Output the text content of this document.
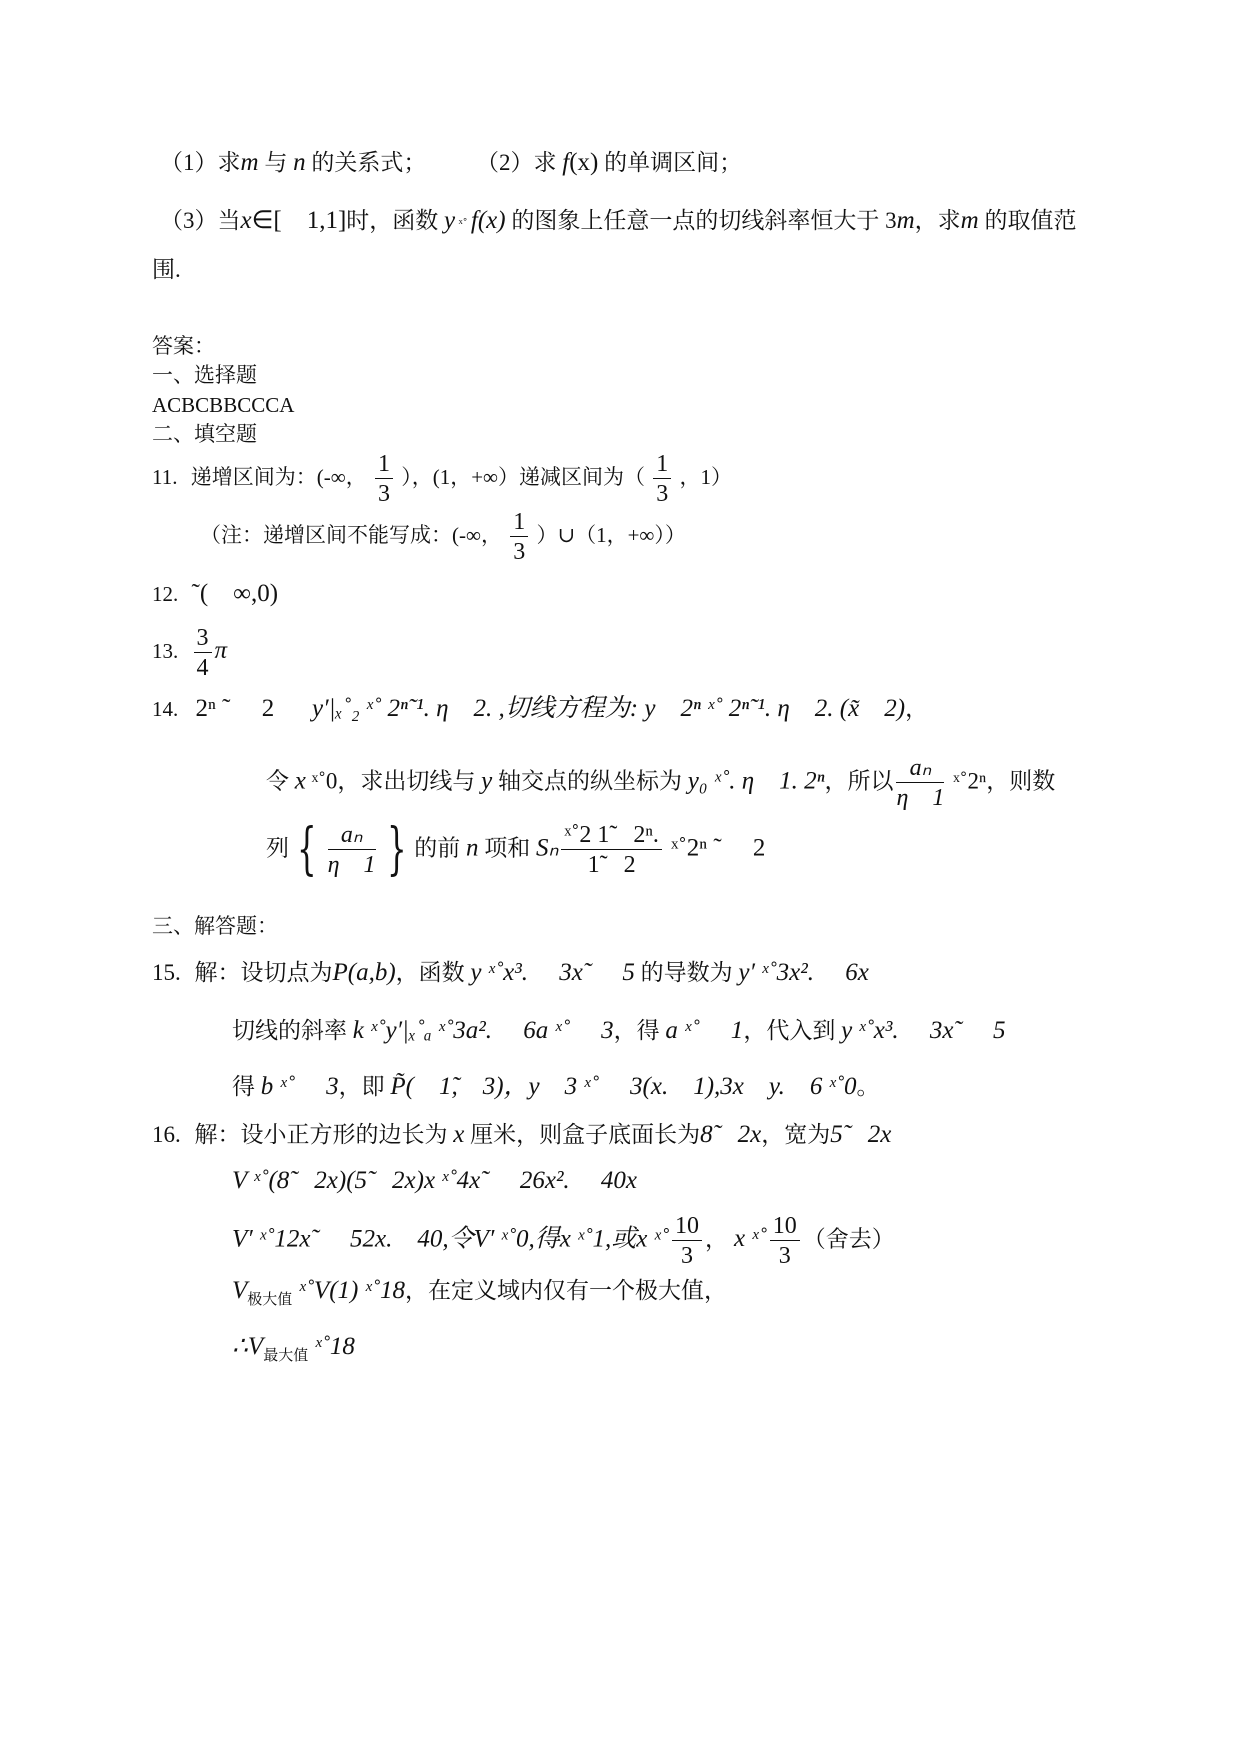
（1）求m 与 n 的关系式； （2）求 f(x) 的单调区间；
（3）当x∈[　1,1]时，函数 y ˣ˚ f(x) 的图象上任意一点的切线斜率恒大于 3m，求m 的取值范
围.
答案：
一、选择题
ACBCBBCCCA
二、填空题
11. 递增区间为：(-∞， $\frac{1}{3}$ ），(1，+∞）递减区间为（ $\frac{1}{3}$ ，1）
（注：递增区间不能写成：(-∞， $\frac{1}{3}$ ）∪（1，+∞））
12. ˜(　∞,0)
13. $\frac{3}{4}$ π
14. 2ⁿ ˜ 　2 y′|ₓ˚₂ ˣ˚ 2ⁿ˜¹. η　2. ,切线方程为: y　2ⁿ ˣ˚ 2ⁿ˜¹. η　2. (x̃　2)，
令 x ˣ˚0，求出切线与 y 轴交点的纵坐标为 y₀ ˣ˚. η　1. 2ⁿ，所以 $\frac{\text{aₙ}}{\eta 1}$ ˣ˚2ⁿ，则数
列 { $\frac{\text{aₙ}}{\eta 1}$ } 的前 n 项和 Sₙ $\frac{\text{ˣ˚2 1̃　2ⁿ.}}{1̃ 2}$ ˣ˚2ⁿ ˜ 　2
三、解答题：
15. 解：设切点为P(a,b)，函数 y ˣ˚x³. 　3x˜ 　5 的导数为 y′ ˣ˚3x². 　6x
切线的斜率 k ˣ˚y′|ₓ˚ₐ ˣ˚3a². 　6a ˣ˚ 　3，得 a ˣ˚ 　1，代入到 y ˣ˚x³. 　3x˜ 　5
得 b ˣ˚ 　3，即 P̃(　1̃,　3)，y　3 ˣ˚ 　3(x.　1),3x　y.　6 ˣ˚0。
16. 解：设小正方形的边长为 x 厘米，则盒子底面长为8̃　2x，宽为5̃　2x
V ˣ˚(8̃　2x)(5̃　2x)x ˣ˚4x˜ 　26x². 　40x
V′ ˣ˚12x˜ 　52x.　40,令V′ ˣ˚0,得x ˣ˚1,或x ˣ˚ $\frac{10}{3}$ ， x ˣ˚ $\frac{10}{3}$ （舍去）
$V_{极大值}$ ˣ˚V(1) ˣ˚18，在定义域内仅有一个极大值，
$\therefore V_{最大值}$ ˣ˚18
